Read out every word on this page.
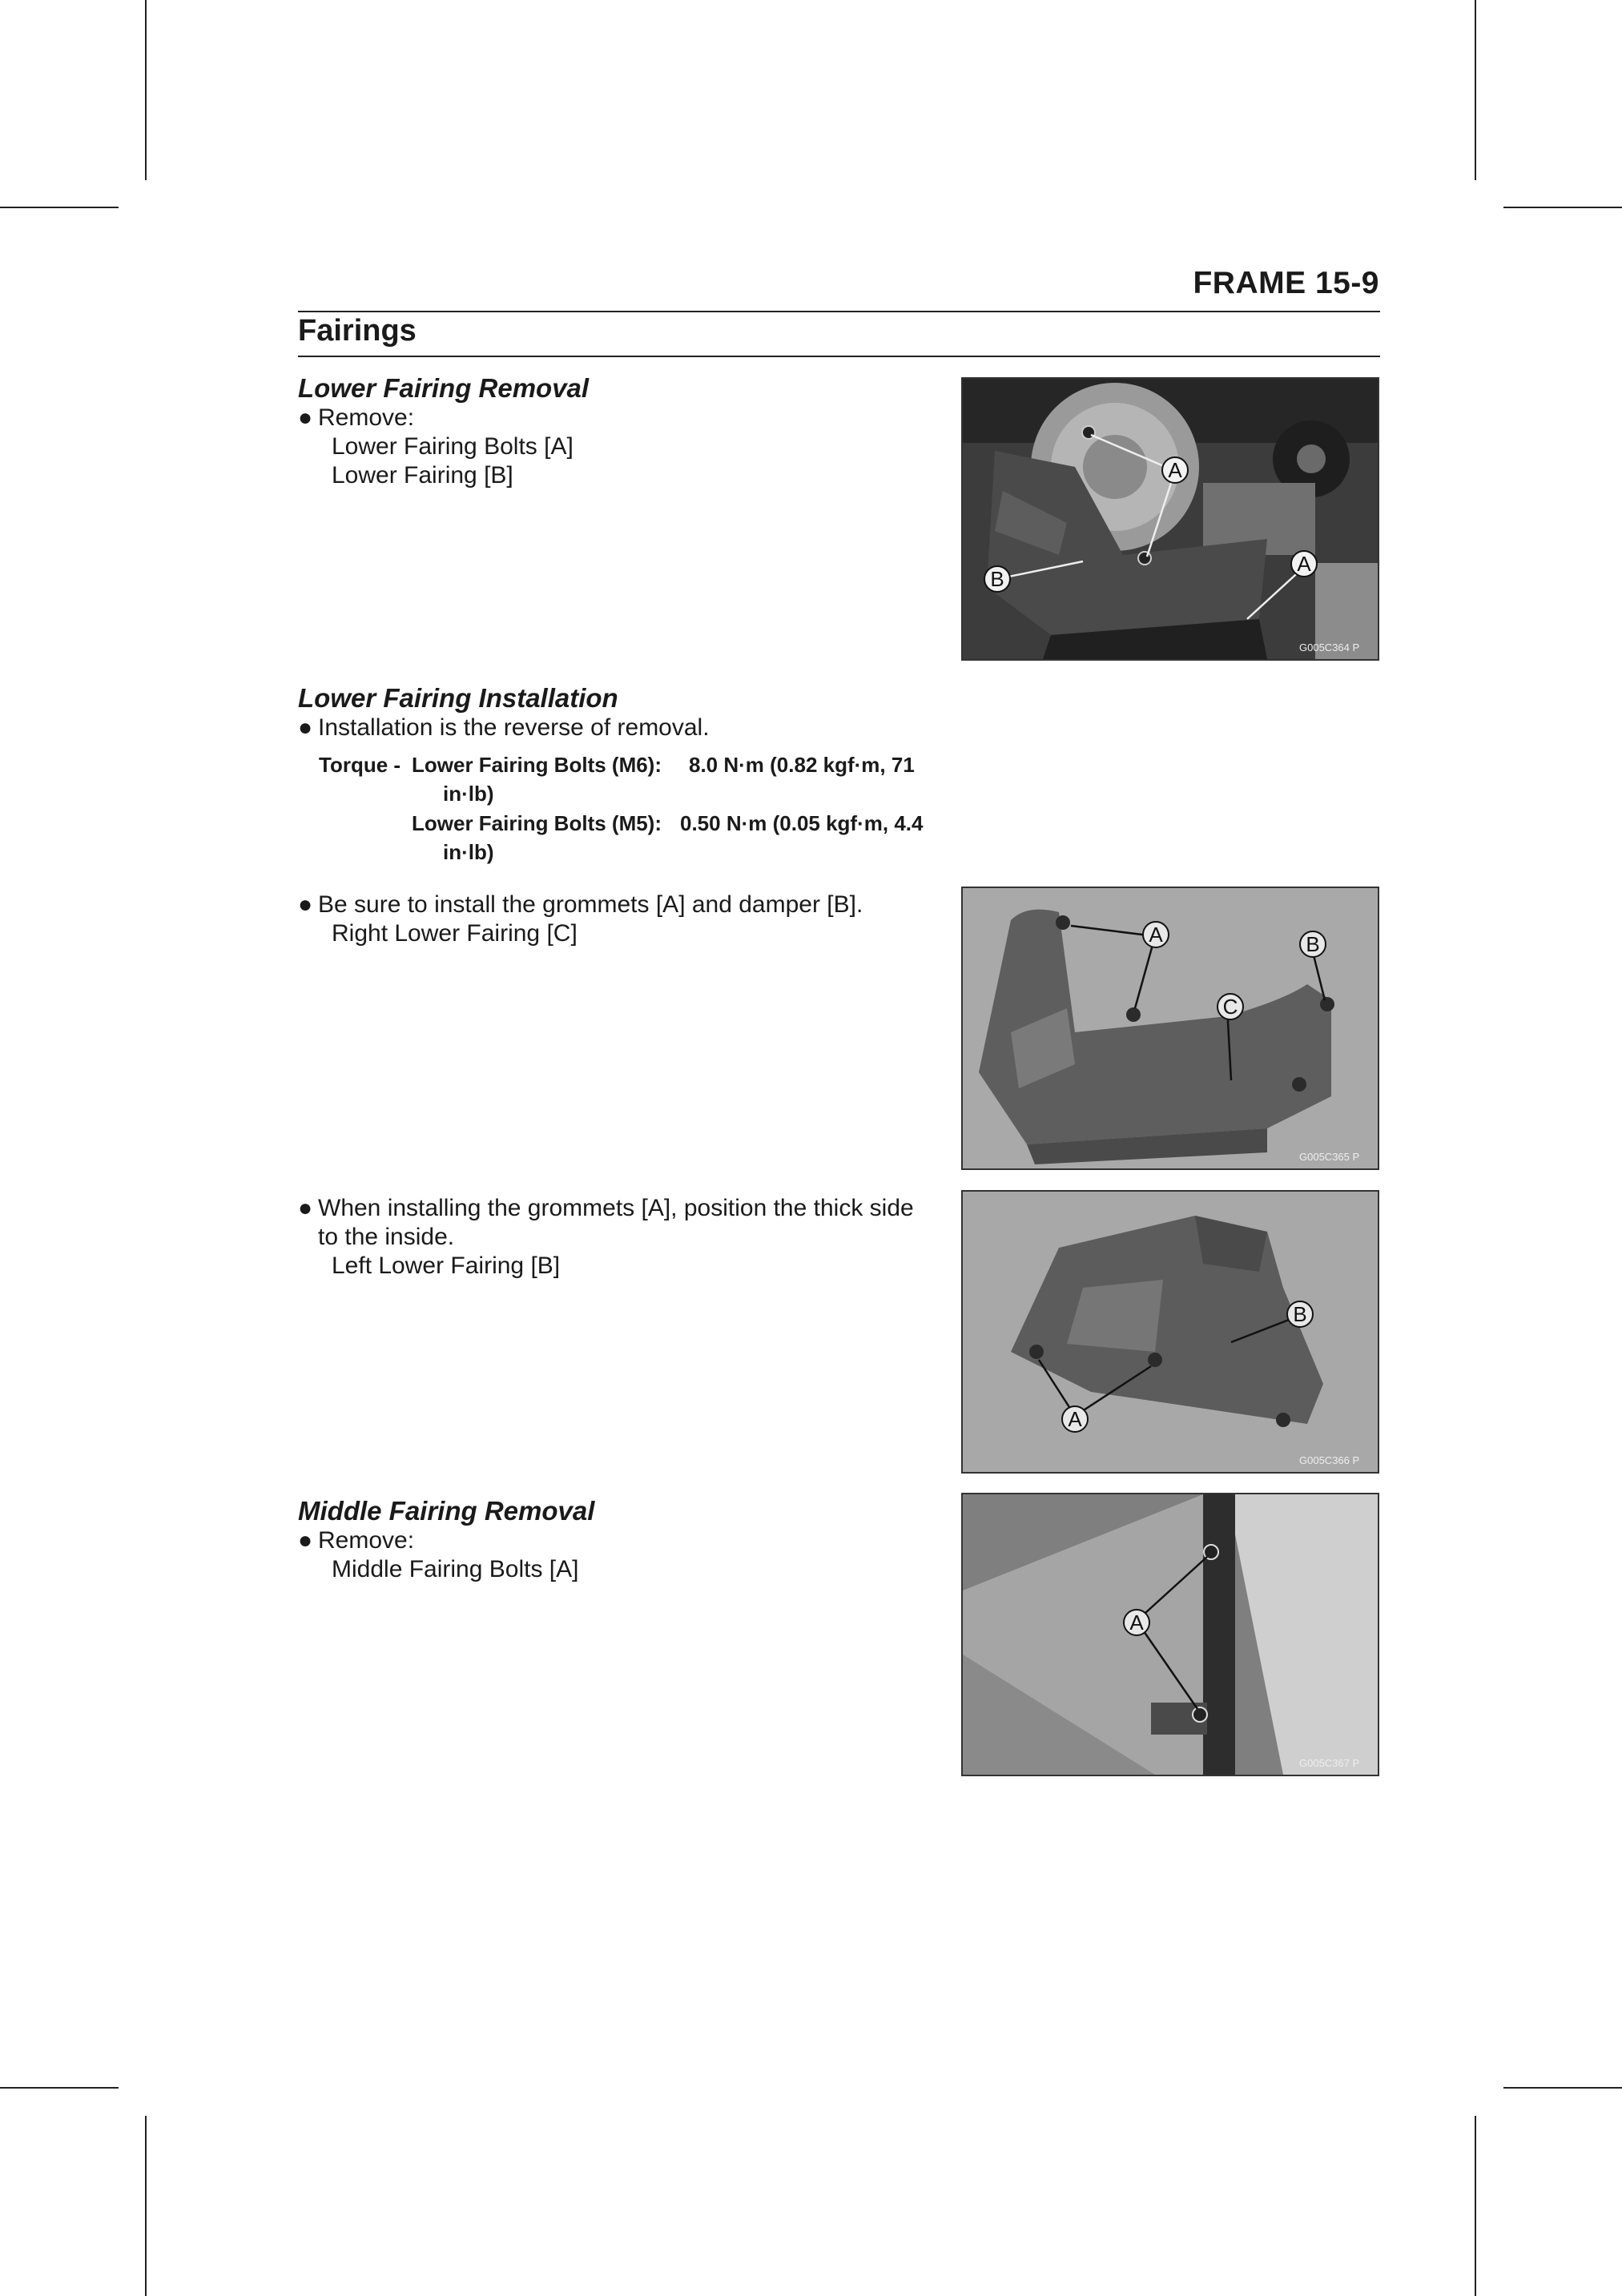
FRAME 15-9
Fairings
Lower Fairing Removal
● Remove:
Lower Fairing Bolts [A]
Lower Fairing [B]	A
A
B
G005C364 P
Lower Fairing Installation
● Installation is the reverse of removal.
Torque - Lower Fairing Bolts (M6): 8.0 N·m (0.82 kgf·m, 71
in·lb)
Lower Fairing Bolts (M5): 0.50 N·m (0.05 kgf·m, 4.4
in·lb)
● Be sure to install the grommets [A] and damper [B].
Right Lower Fairing [C]	A	B
C
G005C365 P
● When installing the grommets [A], position the thick side
to the inside.
Left Lower Fairing [B]
A
B
G005C366 P
Middle Fairing Removal
● Remove:
Middle Fairing Bolts [A]
A
G005C367 P
